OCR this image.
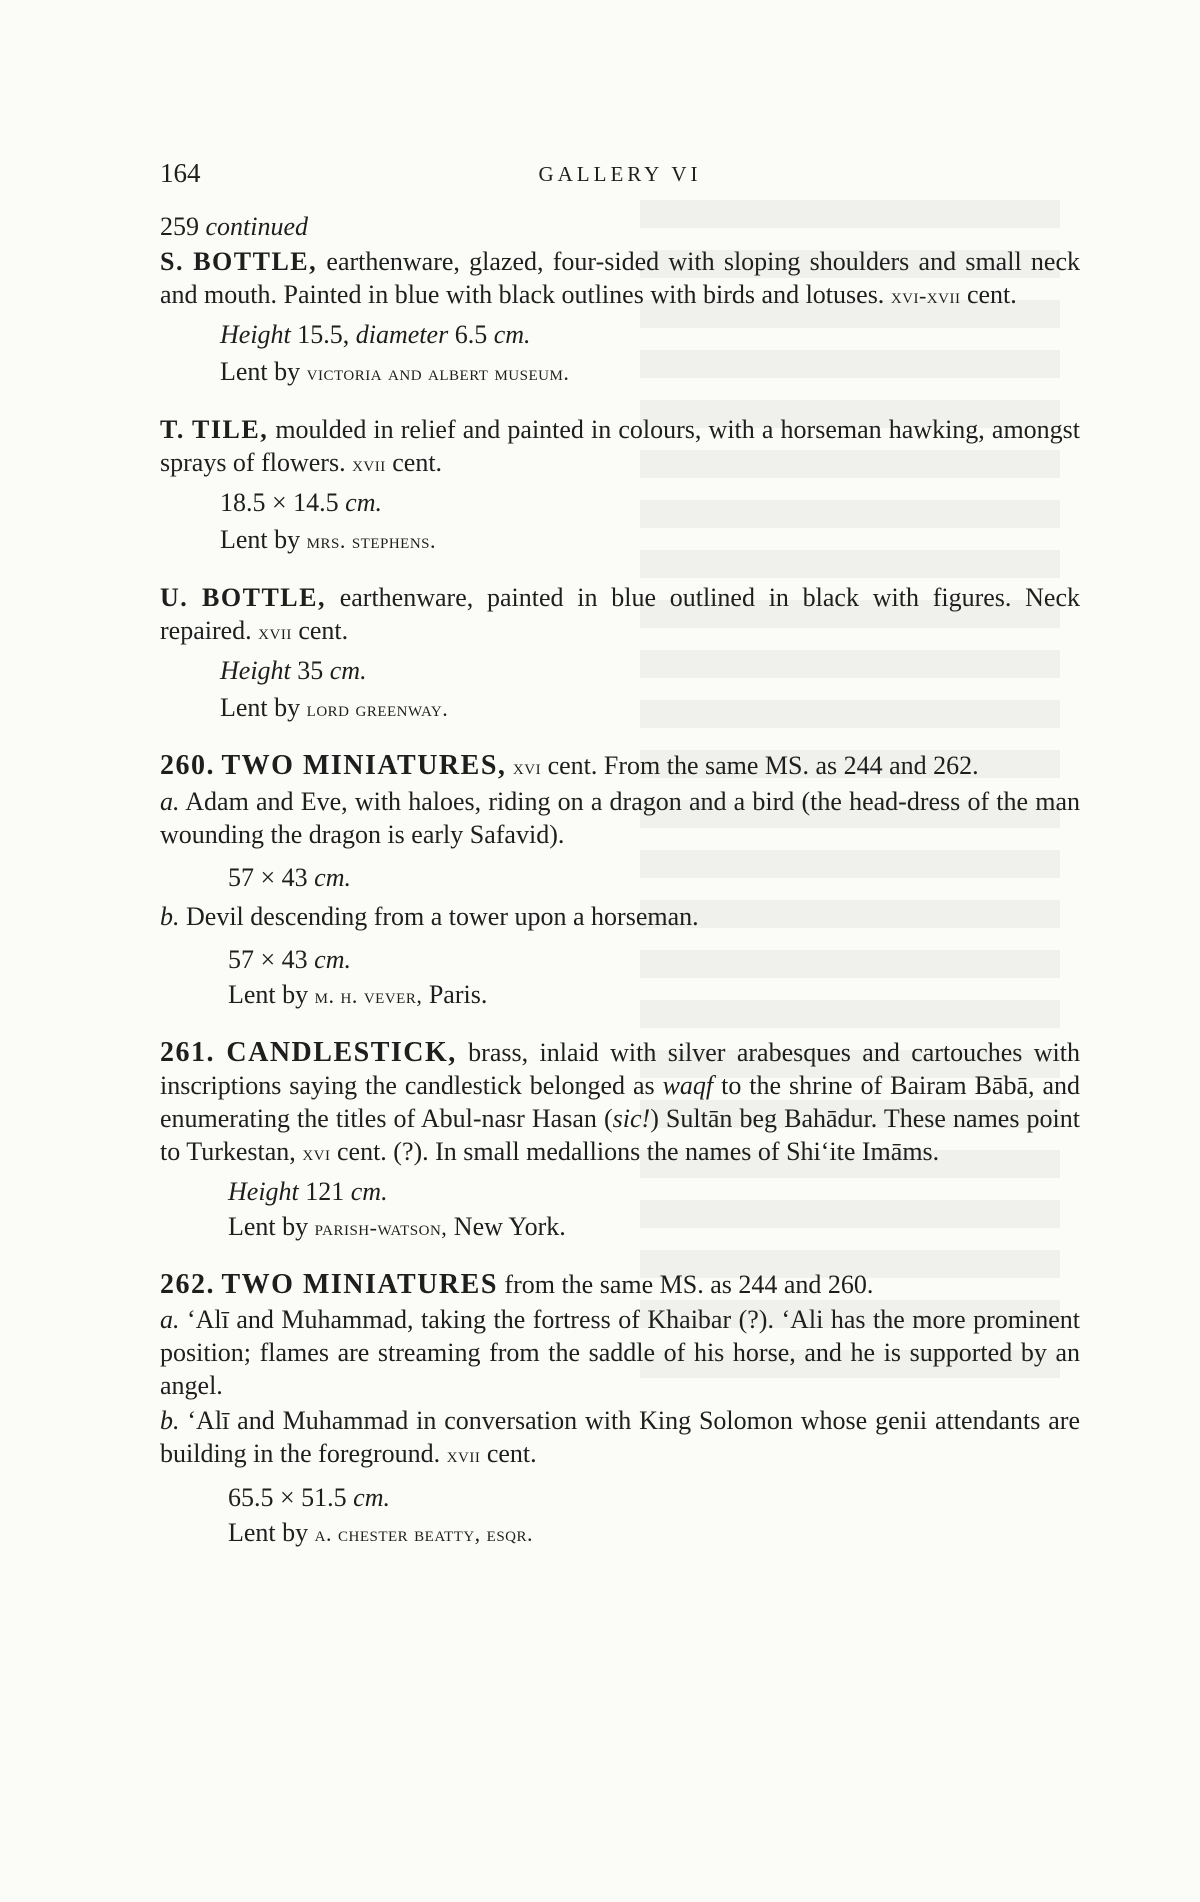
164	GALLERY VI

259 continued

S. BOTTLE, earthenware, glazed, four-sided with sloping shoulders and small neck and mouth. Painted in blue with black outlines with birds and lotuses. xvi-xvii cent.

Height 15.5, diameter 6.5 cm.

Lent by victoria and albert museum.

T. TILE, moulded in relief and painted in colours, with a horseman hawking, amongst sprays of flowers. xvii cent.

18.5 × 14.5 cm.

Lent by mrs. stephens.

U. BOTTLE, earthenware, painted in blue outlined in black with figures. Neck repaired. xvii cent.

Height 35 cm.

Lent by lord greenway.

260. TWO MINIATURES, xvi cent. From the same MS. as 244 and 262.

a. Adam and Eve, with haloes, riding on a dragon and a bird (the head-dress of the man wounding the dragon is early Safavid).

57 × 43 cm.

b. Devil descending from a tower upon a horseman.

57 × 43 cm.

Lent by m. h. vever, Paris.

261. CANDLESTICK, brass, inlaid with silver arabesques and cartouches with inscriptions saying the candlestick belonged as waqf to the shrine of Bairam Bābā, and enumerating the titles of Abul-nasr Hasan (sic!) Sultān beg Bahādur. These names point to Turkestan, xvi cent. (?). In small medallions the names of Shi‘ite Imāms.

Height 121 cm.

Lent by parish-watson, New York.

262. TWO MINIATURES from the same MS. as 244 and 260.

a. ‘Alī and Muhammad, taking the fortress of Khaibar (?). ‘Ali has the more prominent position; flames are streaming from the saddle of his horse, and he is supported by an angel.

b. ‘Alī and Muhammad in conversation with King Solomon whose genii attendants are building in the foreground. xvii cent.

65.5 × 51.5 cm.

Lent by a. chester beatty, esqr.
